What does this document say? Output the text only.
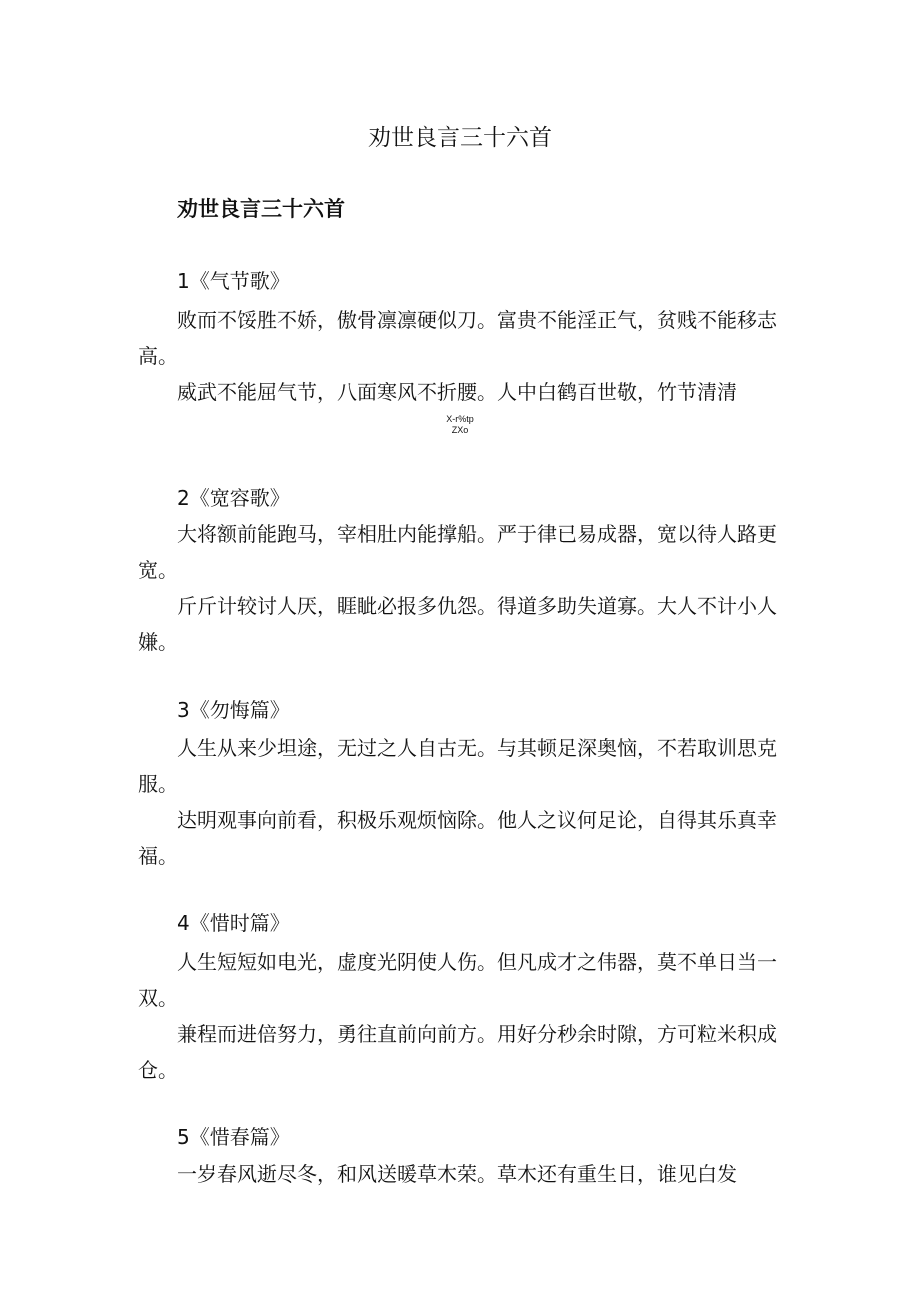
劝世良言三十六首
劝世良言三十六首
1《气节歌》

败而不馁胜不娇，傲骨凛凛硬似刀。富贵不能淫正气，贫贱不能移志高。

威武不能屈气节，八面寒风不折腰。人中白鹤百世敬，竹节清清

X-r%tp
ZXo
2《宽容歌》

大将额前能跑马，宰相肚内能撑船。严于律已易成器，宽以待人路更宽。

斤斤计较讨人厌，睚眦必报多仇怨。得道多助失道寡。大人不计小人嫌。

3《勿悔篇》

人生从来少坦途，无过之人自古无。与其顿足深奥恼，不若取训思克服。

达明观事向前看，积极乐观烦恼除。他人之议何足论，自得其乐真幸福。

4《惜时篇》

人生短短如电光，虚度光阴使人伤。但凡成才之伟器，莫不单日当一双。

兼程而进倍努力，勇往直前向前方。用好分秒余时隙，方可粒米积成仓。

5《惜春篇》

一岁春风逝尽冬，和风送暖草木荣。草木还有重生日，谁见白发
